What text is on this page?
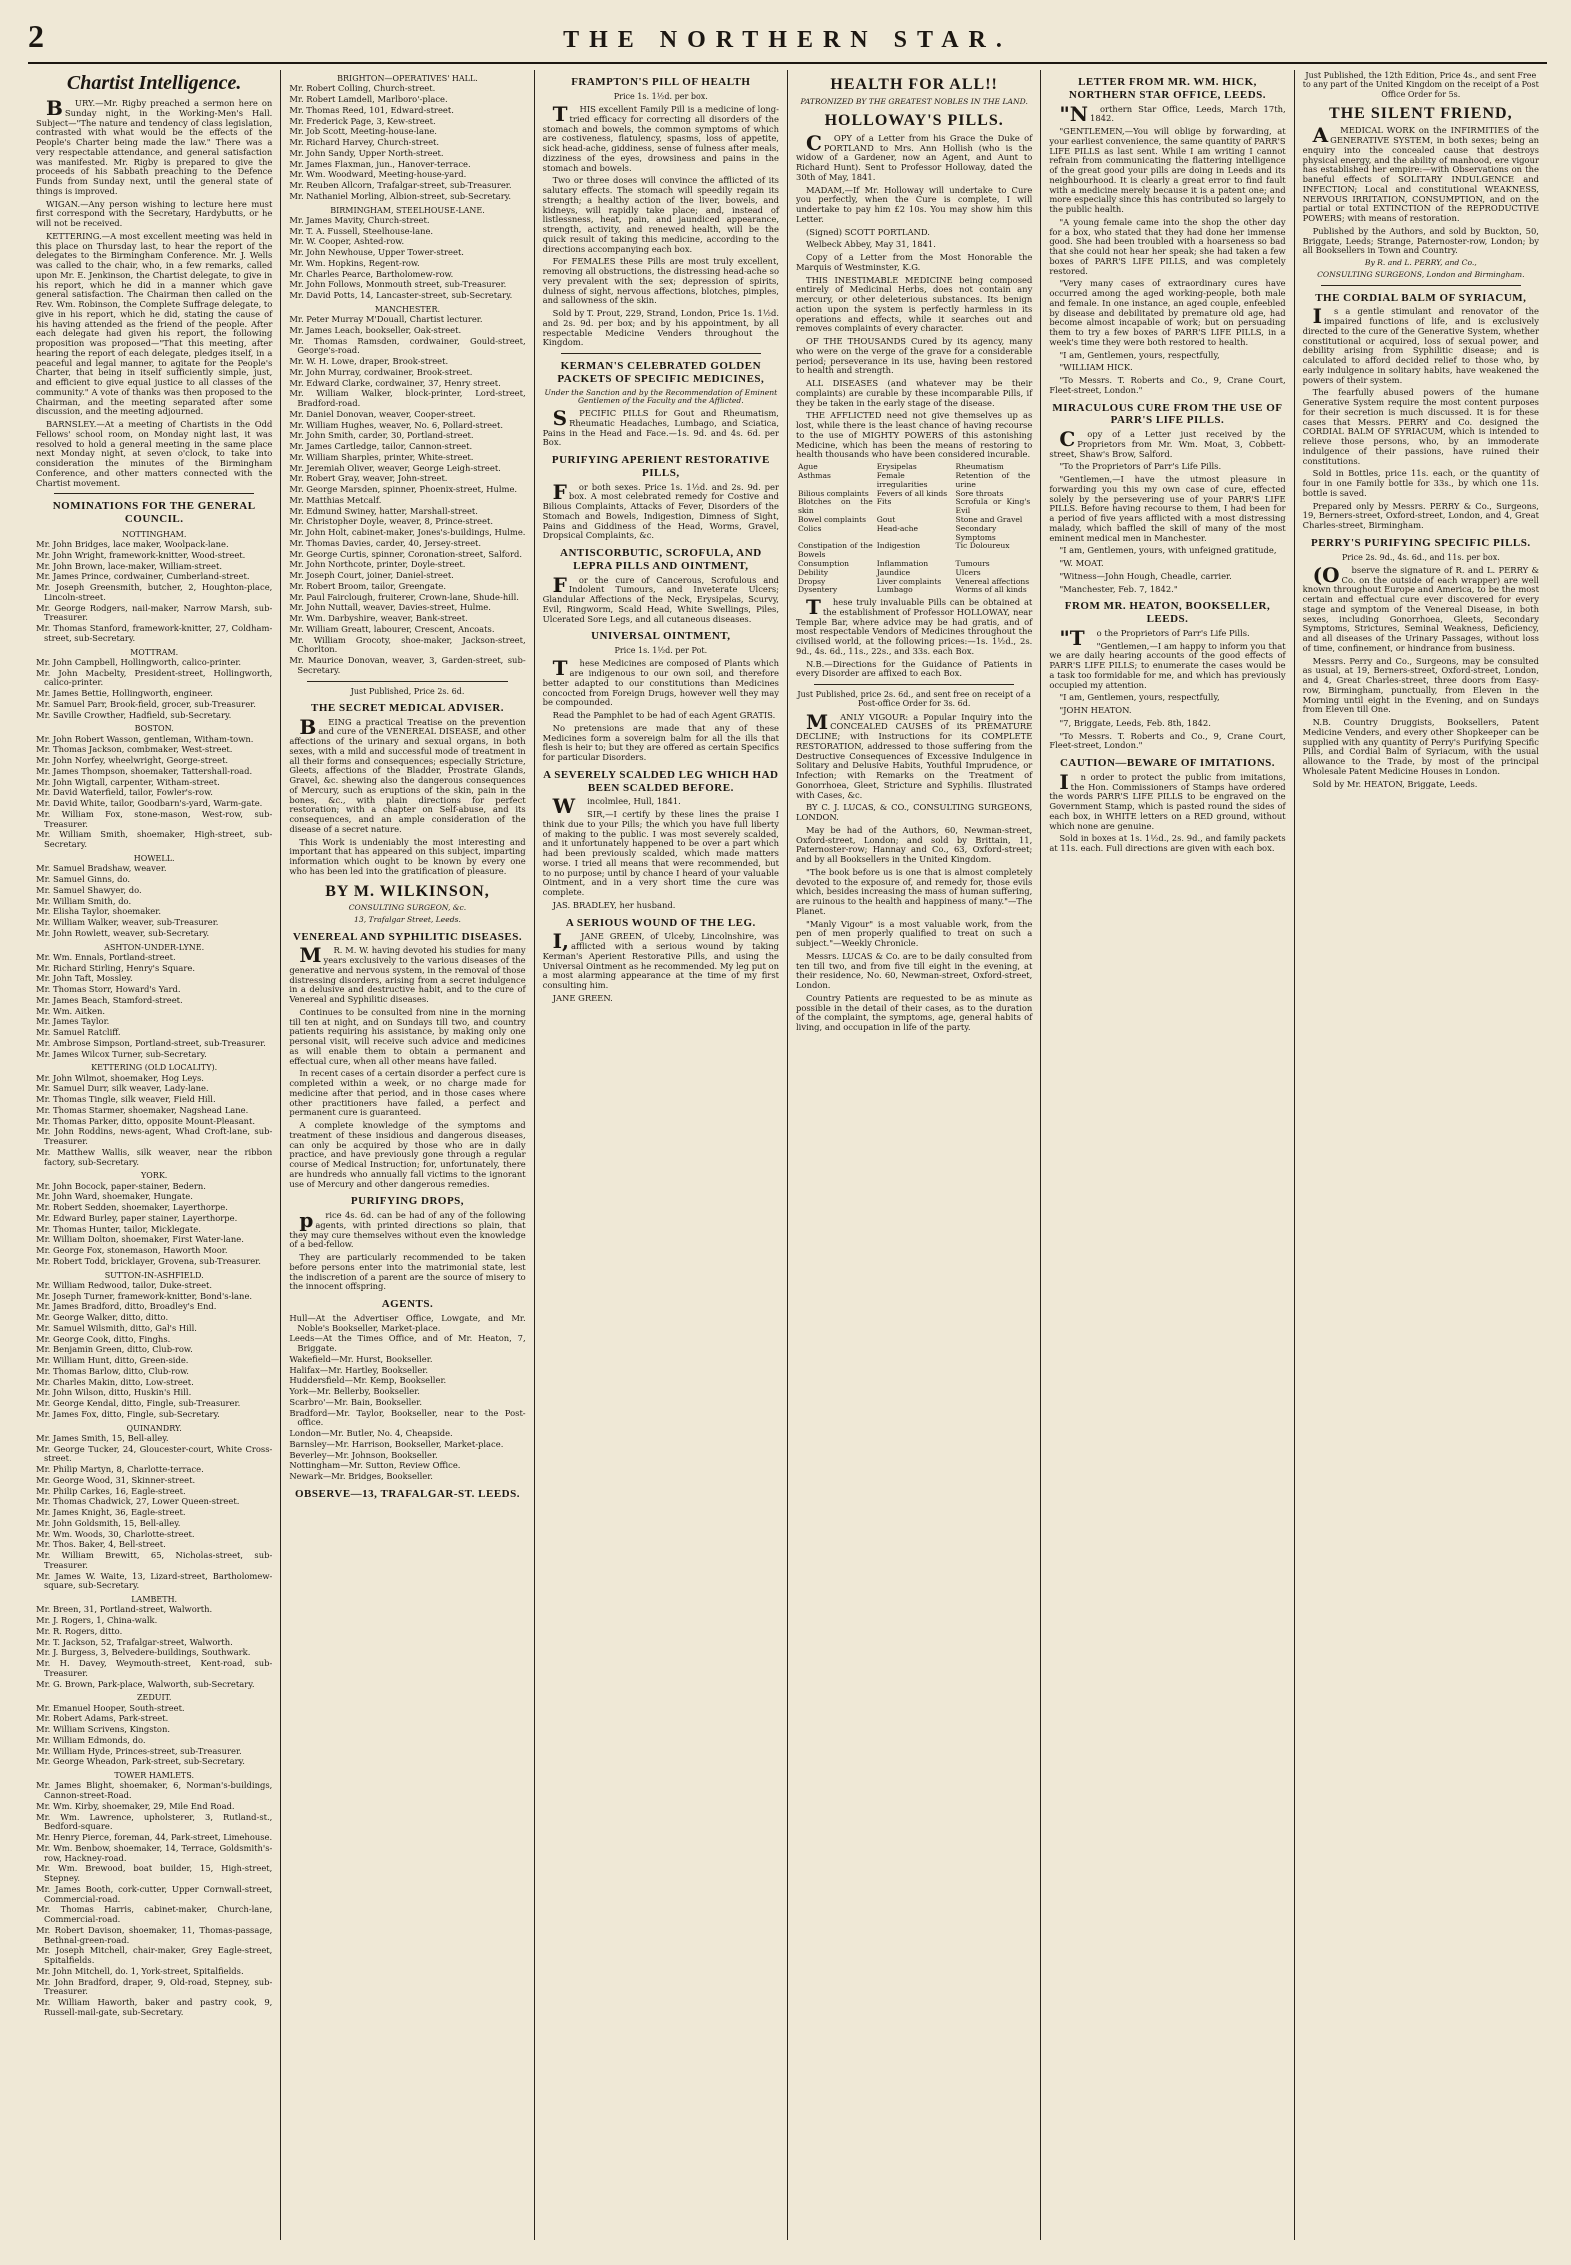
2	THE NORTHERN STAR.
Chartist Intelligence.

BURY.—Mr. Rigby preached a sermon here on Sunday night, in the Working-Men's Hall. Subject—"The nature and tendency of class legislation, contrasted with what would be the effects of the People's Charter being made the law." There was a very respectable attendance, and general satisfaction was manifested. Mr. Rigby is prepared to give the proceeds of his Sabbath preaching to the Defence Funds from Sunday next, until the general state of things is improved.

WIGAN.—Any person wishing to lecture here must first correspond with the Secretary, Hardybutts, or he will not be received.

KETTERING.—A most excellent meeting was held in this place on Thursday last, to hear the report of the delegates to the Birmingham Conference. Mr. J. Wells was called to the chair, who, in a few remarks, called upon Mr. E. Jenkinson, the Chartist delegate, to give in his report, which he did in a manner which gave general satisfaction. The Chairman then called on the Rev. Wm. Robinson, the Complete Suffrage delegate, to give in his report, which he did, stating the cause of his having attended as the friend of the people. After each delegate had given his report, the following proposition was proposed—"That this meeting, after hearing the report of each delegate, pledges itself, in a peaceful and legal manner, to agitate for the People's Charter, that being in itself sufficiently simple, just, and efficient to give equal justice to all classes of the community." A vote of thanks was then proposed to the Chairman, and the meeting separated after some discussion, and the meeting adjourned.

BARNSLEY.—At a meeting of Chartists in the Odd Fellows' school room, on Monday night last, it was resolved to hold a general meeting in the same place next Monday night, at seven o'clock, to take into consideration the minutes of the Birmingham Conference, and other matters connected with the Chartist movement.

NOMINATIONS FOR THE GENERAL COUNCIL.
NOTTINGHAM.

Mr. John Bridges, lace maker, Woolpack-lane.

Mr. John Wright, framework-knitter, Wood-street.

Mr. John Brown, lace-maker, William-street.

Mr. James Prince, cordwainer, Cumberland-street.

Mr. Joseph Greensmith, butcher, 2, Houghton-place, Lincoln-street.

Mr. George Rodgers, nail-maker, Narrow Marsh, sub-Treasurer.

Mr. Thomas Stanford, framework-knitter, 27, Coldham-street, sub-Secretary.

MOTTRAM.

Mr. John Campbell, Hollingworth, calico-printer.

Mr. John Macbelty, President-street, Hollingworth, calico-printer.

Mr. James Bettie, Hollingworth, engineer.

Mr. Samuel Parr, Brook-field, grocer, sub-Treasurer.

Mr. Saville Crowther, Hadfield, sub-Secretary.

BOSTON.

Mr. John Robert Wasson, gentleman, Witham-town.

Mr. Thomas Jackson, combmaker, West-street.

Mr. John Norfey, wheelwright, George-street.

Mr. James Thompson, shoemaker, Tattershall-road.

Mr. John Wigtall, carpenter, Witham-street.

Mr. David Waterfield, tailor, Fowler's-row.

Mr. David White, tailor, Goodbarn's-yard, Warm-gate.

Mr. William Fox, stone-mason, West-row, sub-Treasurer.

Mr. William Smith, shoemaker, High-street, sub-Secretary.

HOWELL.

Mr. Samuel Bradshaw, weaver.

Mr. Samuel Ginns, do.

Mr. Samuel Shawyer, do.

Mr. William Smith, do.

Mr. Elisha Taylor, shoemaker.

Mr. William Walker, weaver, sub-Treasurer.

Mr. John Rowlett, weaver, sub-Secretary.

ASHTON-UNDER-LYNE.

Mr. Wm. Ennals, Portland-street.

Mr. Richard Stirling, Henry's Square.

Mr. John Taft, Mossley.

Mr. Thomas Storr, Howard's Yard.

Mr. James Beach, Stamford-street.

Mr. Wm. Aitken.

Mr. James Taylor.

Mr. Samuel Ratcliff.

Mr. Ambrose Simpson, Portland-street, sub-Treasurer.

Mr. James Wilcox Turner, sub-Secretary.

KETTERING (OLD LOCALITY).

Mr. John Wilmot, shoemaker, Hog Leys.

Mr. Samuel Durr, silk weaver, Lady-lane.

Mr. Thomas Tingle, silk weaver, Field Hill.

Mr. Thomas Starmer, shoemaker, Nagshead Lane.

Mr. Thomas Parker, ditto, opposite Mount-Pleasant.

Mr. John Roddins, news-agent, Whad Croft-lane, sub-Treasurer.

Mr. Matthew Wallis, silk weaver, near the ribbon factory, sub-Secretary.

YORK.

Mr. John Bocock, paper-stainer, Bedern.

Mr. John Ward, shoemaker, Hungate.

Mr. Robert Sedden, shoemaker, Layerthorpe.

Mr. Edward Burley, paper stainer, Layerthorpe.

Mr. Thomas Hunter, tailor, Micklegate.

Mr. William Dolton, shoemaker, First Water-lane.

Mr. George Fox, stonemason, Haworth Moor.

Mr. Robert Todd, bricklayer, Grovena, sub-Treasurer.

SUTTON-IN-ASHFIELD.

Mr. William Redwood, tailor, Duke-street.

Mr. Joseph Turner, framework-knitter, Bond's-lane.

Mr. James Bradford, ditto, Broadley's End.

Mr. George Walker, ditto, ditto.

Mr. Samuel Wilsmith, ditto, Gal's Hill.

Mr. George Cook, ditto, Finghs.

Mr. Benjamin Green, ditto, Club-row.

Mr. William Hunt, ditto, Green-side.

Mr. Thomas Barlow, ditto, Club-row.

Mr. Charles Makin, ditto, Low-street.

Mr. John Wilson, ditto, Huskin's Hill.

Mr. George Kendal, ditto, Fingle, sub-Treasurer.

Mr. James Fox, ditto, Fingle, sub-Secretary.

QUINANDRY.

Mr. James Smith, 15, Bell-alley.

Mr. George Tucker, 24, Gloucester-court, White Cross-street.

Mr. Philip Martyn, 8, Charlotte-terrace.

Mr. George Wood, 31, Skinner-street.

Mr. Philip Carkes, 16, Eagle-street.

Mr. Thomas Chadwick, 27, Lower Queen-street.

Mr. James Knight, 36, Eagle-street.

Mr. John Goldsmith, 15, Bell-alley.

Mr. Wm. Woods, 30, Charlotte-street.

Mr. Thos. Baker, 4, Bell-street.

Mr. William Brewitt, 65, Nicholas-street, sub-Treasurer.

Mr. James W. Waite, 13, Lizard-street, Bartholomew-square, sub-Secretary.

LAMBETH.

Mr. Breen, 31, Portland-street, Walworth.

Mr. J. Rogers, 1, China-walk.

Mr. R. Rogers, ditto.

Mr. T. Jackson, 52, Trafalgar-street, Walworth.

Mr. J. Burgess, 3, Belvedere-buildings, Southwark.

Mr. H. Davey, Weymouth-street, Kent-road, sub-Treasurer.

Mr. G. Brown, Park-place, Walworth, sub-Secretary.

ZEDUIT.

Mr. Emanuel Hooper, South-street.

Mr. Robert Adams, Park-street.

Mr. William Scrivens, Kingston.

Mr. William Edmonds, do.

Mr. William Hyde, Princes-street, sub-Treasurer.

Mr. George Wheadon, Park-street, sub-Secretary.

TOWER HAMLETS.

Mr. James Blight, shoemaker, 6, Norman's-buildings, Cannon-street-Road.

Mr. Wm. Kirby, shoemaker, 29, Mile End Road.

Mr. Wm. Lawrence, upholsterer, 3, Rutland-st., Bedford-square.

Mr. Henry Pierce, foreman, 44, Park-street, Limehouse.

Mr. Wm. Benbow, shoemaker, 14, Terrace, Goldsmith's-row, Hackney-road.

Mr. Wm. Brewood, boat builder, 15, High-street, Stepney.

Mr. James Booth, cork-cutter, Upper Cornwall-street, Commercial-road.

Mr. Thomas Harris, cabinet-maker, Church-lane, Commercial-road.

Mr. Robert Davison, shoemaker, 11, Thomas-passage, Bethnal-green-road.

Mr. Joseph Mitchell, chair-maker, Grey Eagle-street, Spitalfields.

Mr. John Mitchell, do. 1, York-street, Spitalfields.

Mr. John Bradford, draper, 9, Old-road, Stepney, sub-Treasurer.

Mr. William Haworth, baker and pastry cook, 9, Russell-mail-gate, sub-Secretary.

BRIGHTON—OPERATIVES' HALL.

Mr. Robert Colling, Church-street.

Mr. Robert Lamdell, Marlboro'-place.

Mr. Thomas Reed, 101, Edward-street.

Mr. Frederick Page, 3, Kew-street.

Mr. Job Scott, Meeting-house-lane.

Mr. Richard Harvey, Church-street.

Mr. John Sandy, Upper North-street.

Mr. James Flaxman, jun., Hanover-terrace.

Mr. Wm. Woodward, Meeting-house-yard.

Mr. Reuben Allcorn, Trafalgar-street, sub-Treasurer.

Mr. Nathaniel Morling, Albion-street, sub-Secretary.

BIRMINGHAM, STEELHOUSE-LANE.

Mr. James Mavity, Church-street.

Mr. T. A. Fussell, Steelhouse-lane.

Mr. W. Cooper, Ashted-row.

Mr. John Newhouse, Upper Tower-street.

Mr. Wm. Hopkins, Regent-row.

Mr. Charles Pearce, Bartholomew-row.

Mr. John Follows, Monmouth street, sub-Treasurer.

Mr. David Potts, 14, Lancaster-street, sub-Secretary.

MANCHESTER.

Mr. Peter Murray M'Douall, Chartist lecturer.

Mr. James Leach, bookseller, Oak-street.

Mr. Thomas Ramsden, cordwainer, Gould-street, George's-road.

Mr. W. H. Lowe, draper, Brook-street.

Mr. John Murray, cordwainer, Brook-street.

Mr. Edward Clarke, cordwainer, 37, Henry street.

Mr. William Walker, block-printer, Lord-street, Bradford-road.

Mr. Daniel Donovan, weaver, Cooper-street.

Mr. William Hughes, weaver, No. 6, Pollard-street.

Mr. John Smith, carder, 30, Portland-street.

Mr. James Cartledge, tailor, Cannon-street.

Mr. William Sharples, printer, White-street.

Mr. Jeremiah Oliver, weaver, George Leigh-street.

Mr. Robert Gray, weaver, John-street.

Mr. George Marsden, spinner, Phoenix-street, Hulme.

Mr. Matthias Metcalf.

Mr. Edmund Swiney, hatter, Marshall-street.

Mr. Christopher Doyle, weaver, 8, Prince-street.

Mr. John Holt, cabinet-maker, Jones's-buildings, Hulme.

Mr. Thomas Davies, carder, 40, Jersey-street.

Mr. George Curtis, spinner, Coronation-street, Salford.

Mr. John Northcote, printer, Doyle-street.

Mr. Joseph Court, joiner, Daniel-street.

Mr. Robert Broom, tailor, Greengate.

Mr. Paul Fairclough, fruiterer, Crown-lane, Shude-hill.

Mr. John Nuttall, weaver, Davies-street, Hulme.

Mr. Wm. Darbyshire, weaver, Bank-street.

Mr. William Greatt, labourer, Crescent, Ancoats.

Mr. William Grocoty, shoe-maker, Jackson-street, Chorlton.

Mr. Maurice Donovan, weaver, 3, Garden-street, sub-Secretary.

Just Published, Price 2s. 6d.
THE SECRET MEDICAL ADVISER.

BEING a practical Treatise on the prevention and cure of the VENEREAL DISEASE, and other affections of the urinary and sexual organs, in both sexes, with a mild and successful mode of treatment in all their forms and consequences; especially Stricture, Gleets, affections of the Bladder, Prostrate Glands, Gravel, &c. shewing also the dangerous consequences of Mercury, such as eruptions of the skin, pain in the bones, &c., with plain directions for perfect restoration; with a chapter on Self-abuse, and its consequences, and an ample consideration of the disease of a secret nature.

This Work is undeniably the most interesting and important that has appeared on this subject, imparting information which ought to be known by every one who has been led into the gratification of pleasure.

BY M. WILKINSON,
CONSULTING SURGEON, &c.
13, Trafalgar Street, Leeds.
VENEREAL AND SYPHILITIC DISEASES.

MR. M. W. having devoted his studies for many years exclusively to the various diseases of the generative and nervous system, in the removal of those distressing disorders, arising from a secret indulgence in a delusive and destructive habit, and to the cure of Venereal and Syphilitic diseases.

Continues to be consulted from nine in the morning till ten at night, and on Sundays till two, and country patients requiring his assistance, by making only one personal visit, will receive such advice and medicines as will enable them to obtain a permanent and effectual cure, when all other means have failed.

In recent cases of a certain disorder a perfect cure is completed within a week, or no charge made for medicine after that period, and in those cases where other practitioners have failed, a perfect and permanent cure is guaranteed.

A complete knowledge of the symptoms and treatment of these insidious and dangerous diseases, can only be acquired by those who are in daily practice, and have previously gone through a regular course of Medical Instruction; for, unfortunately, there are hundreds who annually fall victims to the ignorant use of Mercury and other dangerous remedies.

PURIFYING DROPS,

price 4s. 6d. can be had of any of the following agents, with printed directions so plain, that they may cure themselves without even the knowledge of a bed-fellow.

They are particularly recommended to be taken before persons enter into the matrimonial state, lest the indiscretion of a parent are the source of misery to the innocent offspring.

AGENTS.

Hull—At the Advertiser Office, Lowgate, and Mr. Noble's Bookseller, Market-place.

Leeds—At the Times Office, and of Mr. Heaton, 7, Briggate.

Wakefield—Mr. Hurst, Bookseller.

Halifax—Mr. Hartley, Bookseller.

Huddersfield—Mr. Kemp, Bookseller.

York—Mr. Bellerby, Bookseller.

Scarbro'—Mr. Bain, Bookseller.

Bradford—Mr. Taylor, Bookseller, near to the Post-office.

London—Mr. Butler, No. 4, Cheapside.

Barnsley—Mr. Harrison, Bookseller, Market-place.

Beverley—Mr. Johnson, Bookseller.

Nottingham—Mr. Sutton, Review Office.

Newark—Mr. Bridges, Bookseller.

OBSERVE—13, TRAFALGAR-ST. LEEDS.
FRAMPTON'S PILL OF HEALTH
Price 1s. 1½d. per box.

THIS excellent Family Pill is a medicine of long-tried efficacy for correcting all disorders of the stomach and bowels, the common symptoms of which are costiveness, flatulency, spasms, loss of appetite, sick head-ache, giddiness, sense of fulness after meals, dizziness of the eyes, drowsiness and pains in the stomach and bowels.

Two or three doses will convince the afflicted of its salutary effects. The stomach will speedily regain its strength; a healthy action of the liver, bowels, and kidneys, will rapidly take place; and, instead of listlessness, heat, pain, and jaundiced appearance, strength, activity, and renewed health, will be the quick result of taking this medicine, according to the directions accompanying each box.

For FEMALES these Pills are most truly excellent, removing all obstructions, the distressing head-ache so very prevalent with the sex; depression of spirits, dulness of sight, nervous affections, blotches, pimples, and sallowness of the skin.

Sold by T. Prout, 229, Strand, London, Price 1s. 1½d. and 2s. 9d. per box; and by his appointment, by all respectable Medicine Venders throughout the Kingdom.

KERMAN'S CELEBRATED GOLDEN PACKETS OF SPECIFIC MEDICINES,
Under the Sanction and by the Recommendation of Eminent Gentlemen of the Faculty and the Afflicted.

SPECIFIC PILLS for Gout and Rheumatism, Rheumatic Headaches, Lumbago, and Sciatica, Pains in the Head and Face.—1s. 9d. and 4s. 6d. per Box.

PURIFYING APERIENT RESTORATIVE PILLS,

For both sexes. Price 1s. 1½d. and 2s. 9d. per box. A most celebrated remedy for Costive and Bilious Complaints, Attacks of Fever, Disorders of the Stomach and Bowels, Indigestion, Dimness of Sight, Pains and Giddiness of the Head, Worms, Gravel, Dropsical Complaints, &c.

ANTISCORBUTIC, SCROFULA, AND LEPRA PILLS AND OINTMENT,

For the cure of Cancerous, Scrofulous and Indolent Tumours, and Inveterate Ulcers; Glandular Affections of the Neck, Erysipelas, Scurvy, Evil, Ringworm, Scald Head, White Swellings, Piles, Ulcerated Sore Legs, and all cutaneous diseases.

UNIVERSAL OINTMENT,
Price 1s. 1½d. per Pot.

These Medicines are composed of Plants which are indigenous to our own soil, and therefore better adapted to our constitutions than Medicines concocted from Foreign Drugs, however well they may be compounded.

Read the Pamphlet to be had of each Agent GRATIS.

No pretensions are made that any of these Medicines form a sovereign balm for all the ills that flesh is heir to; but they are offered as certain Specifics for particular Disorders.

A SEVERELY SCALDED LEG WHICH HAD BEEN SCALDED BEFORE.

Wincolmlee, Hull, 1841.

SIR,—I certify by these lines the praise I think due to your Pills; the which you have full liberty of making to the public. I was most severely scalded, and it unfortunately happened to be over a part which had been previously scalded, which made matters worse. I tried all means that were recommended, but to no purpose; until by chance I heard of your valuable Ointment, and in a very short time the cure was complete.

JAS. BRADLEY, her husband.

A SERIOUS WOUND OF THE LEG.

I,JANE GREEN, of Ulceby, Lincolnshire, was afflicted with a serious wound by taking Kerman's Aperient Restorative Pills, and using the Universal Ointment as he recommended. My leg put on a most alarming appearance at the time of my first consulting him.

JANE GREEN.

HEALTH FOR ALL!!
PATRONIZED BY THE GREATEST NOBLES IN THE LAND.
HOLLOWAY'S PILLS.

COPY of a Letter from his Grace the Duke of PORTLAND to Mrs. Ann Hollish (who is the widow of a Gardener, now an Agent, and Aunt to Richard Hunt). Sent to Professor Holloway, dated the 30th of May, 1841.

MADAM,—If Mr. Holloway will undertake to Cure you perfectly, when the Cure is complete, I will undertake to pay him £2 10s. You may show him this Letter.

(Signed) SCOTT PORTLAND.

Welbeck Abbey, May 31, 1841.

Copy of a Letter from the Most Honorable the Marquis of Westminster, K.G.

THIS INESTIMABLE MEDICINE being composed entirely of Medicinal Herbs, does not contain any mercury, or other deleterious substances. Its benign action upon the system is perfectly harmless in its operations and effects, while it searches out and removes complaints of every character.

OF THE THOUSANDS Cured by its agency, many who were on the verge of the grave for a considerable period; perseverance in its use, having been restored to health and strength.

ALL DISEASES (and whatever may be their complaints) are curable by these incomparable Pills, if they be taken in the early stage of the disease.

THE AFFLICTED need not give themselves up as lost, while there is the least chance of having recourse to the use of MIGHTY POWERS of this astonishing Medicine, which has been the means of restoring to health thousands who have been considered incurable.

Ague	Erysipelas	Rheumatism
Asthmas	Female irregularities
Retention of the urine
Bilious complaints	Fevers of all kinds	Sore throats
Blotches on the skin
Fits	Scrofula or King's Evil
Bowel complaints	Gout	Stone and Gravel
Colics	Head-ache	Secondary Symptoms
Constipation of the Bowels
Indigestion	Tic Doloureux
Consumption	Inflammation	Tumours
Debility	Jaundice	Ulcers
Dropsy	Liver complaints	Venereal affections
Dysentery	Lumbago	Worms of all kinds

These truly invaluable Pills can be obtained at the establishment of Professor HOLLOWAY, near Temple Bar, where advice may be had gratis, and of most respectable Vendors of Medicines throughout the civilised world, at the following prices:—1s. 1½d., 2s. 9d., 4s. 6d., 11s., 22s., and 33s. each Box.

N.B.—Directions for the Guidance of Patients in every Disorder are affixed to each Box.

Just Published, price 2s. 6d., and sent free on receipt of a Post-office Order for 3s. 6d.

MANLY VIGOUR: a Popular Inquiry into the CONCEALED CAUSES of its PREMATURE DECLINE; with Instructions for its COMPLETE RESTORATION, addressed to those suffering from the Destructive Consequences of Excessive Indulgence in Solitary and Delusive Habits, Youthful Imprudence, or Infection; with Remarks on the Treatment of Gonorrhoea, Gleet, Stricture and Syphilis. Illustrated with Cases, &c.

BY C. J. LUCAS, & CO., CONSULTING SURGEONS, LONDON.

May be had of the Authors, 60, Newman-street, Oxford-street, London; and sold by Brittain, 11, Paternoster-row; Hannay and Co., 63, Oxford-street; and by all Booksellers in the United Kingdom.

"The book before us is one that is almost completely devoted to the exposure of, and remedy for, those evils which, besides increasing the mass of human suffering, are ruinous to the health and happiness of many."—The Planet.

"Manly Vigour" is a most valuable work, from the pen of men properly qualified to treat on such a subject."—Weekly Chronicle.

Messrs. LUCAS & Co. are to be daily consulted from ten till two, and from five till eight in the evening, at their residence, No. 60, Newman-street, Oxford-street, London.

Country Patients are requested to be as minute as possible in the detail of their cases, as to the duration of the complaint, the symptoms, age, general habits of living, and occupation in life of the party.

LETTER FROM MR. WM. HICK, NORTHERN STAR OFFICE, LEEDS.

"Northern Star Office, Leeds, March 17th, 1842.

"GENTLEMEN,—You will oblige by forwarding, at your earliest convenience, the same quantity of PARR'S LIFE PILLS as last sent. While I am writing I cannot refrain from communicating the flattering intelligence of the great good your pills are doing in Leeds and its neighbourhood. It is clearly a great error to find fault with a medicine merely because it is a patent one; and more especially since this has contributed so largely to the public health.

"A young female came into the shop the other day for a box, who stated that they had done her immense good. She had been troubled with a hoarseness so bad that she could not hear her speak; she had taken a few boxes of PARR'S LIFE PILLS, and was completely restored.

"Very many cases of extraordinary cures have occurred among the aged working-people, both male and female. In one instance, an aged couple, enfeebled by disease and debilitated by premature old age, had become almost incapable of work; but on persuading them to try a few boxes of PARR'S LIFE PILLS, in a week's time they were both restored to health.

"I am, Gentlemen, yours, respectfully,

"WILLIAM HICK.

"To Messrs. T. Roberts and Co., 9, Crane Court, Fleet-street, London."

MIRACULOUS CURE FROM THE USE OF PARR'S LIFE PILLS.

Copy of a Letter just received by the Proprietors from Mr. Wm. Moat, 3, Cobbett-street, Shaw's Brow, Salford.

"To the Proprietors of Parr's Life Pills.

"Gentlemen,—I have the utmost pleasure in forwarding you this my own case of cure, effected solely by the persevering use of your PARR'S LIFE PILLS. Before having recourse to them, I had been for a period of five years afflicted with a most distressing malady, which baffled the skill of many of the most eminent medical men in Manchester.

"I am, Gentlemen, yours, with unfeigned gratitude,

"W. MOAT.

"Witness—John Hough, Cheadle, carrier.

"Manchester, Feb. 7, 1842."

FROM MR. HEATON, BOOKSELLER, LEEDS.

"To the Proprietors of Parr's Life Pills.

"Gentlemen,—I am happy to inform you that we are daily hearing accounts of the good effects of PARR'S LIFE PILLS; to enumerate the cases would be a task too formidable for me, and which has previously occupied my attention.

"I am, Gentlemen, yours, respectfully,

"JOHN HEATON.

"7, Briggate, Leeds, Feb. 8th, 1842.

"To Messrs. T. Roberts and Co., 9, Crane Court, Fleet-street, London."

CAUTION—BEWARE OF IMITATIONS.

In order to protect the public from imitations, the Hon. Commissioners of Stamps have ordered the words PARR'S LIFE PILLS to be engraved on the Government Stamp, which is pasted round the sides of each box, in WHITE letters on a RED ground, without which none are genuine.

Sold in boxes at 1s. 1½d., 2s. 9d., and family packets at 11s. each. Full directions are given with each box.

Just Published, the 12th Edition, Price 4s., and sent Free to any part of the United Kingdom on the receipt of a Post Office Order for 5s.
THE SILENT FRIEND,

AMEDICAL WORK on the INFIRMITIES of the GENERATIVE SYSTEM, in both sexes; being an enquiry into the concealed cause that destroys physical energy, and the ability of manhood, ere vigour has established her empire:—with Observations on the baneful effects of SOLITARY INDULGENCE and INFECTION; Local and constitutional WEAKNESS, NERVOUS IRRITATION, CONSUMPTION, and on the partial or total EXTINCTION of the REPRODUCTIVE POWERS; with means of restoration.

Published by the Authors, and sold by Buckton, 50, Briggate, Leeds; Strange, Paternoster-row, London; by all Booksellers in Town and Country.

By R. and L. PERRY, and Co.,
CONSULTING SURGEONS, London and Birmingham.
THE CORDIAL BALM OF SYRIACUM,

Is a gentle stimulant and renovator of the impaired functions of life, and is exclusively directed to the cure of the Generative System, whether constitutional or acquired, loss of sexual power, and debility arising from Syphilitic disease; and is calculated to afford decided relief to those who, by early indulgence in solitary habits, have weakened the powers of their system.

The fearfully abused powers of the humane Generative System require the most content purposes for their secretion is much discussed. It is for these cases that Messrs. PERRY and Co. designed the CORDIAL BALM OF SYRIACUM, which is intended to relieve those persons, who, by an immoderate indulgence of their passions, have ruined their constitutions.

Sold in Bottles, price 11s. each, or the quantity of four in one Family bottle for 33s., by which one 11s. bottle is saved.

Prepared only by Messrs. PERRY & Co., Surgeons, 19, Berners-street, Oxford-street, London, and 4, Great Charles-street, Birmingham.

PERRY'S PURIFYING SPECIFIC PILLS.
Price 2s. 9d., 4s. 6d., and 11s. per box.

(Observe the signature of R. and L. PERRY & Co. on the outside of each wrapper) are well known throughout Europe and America, to be the most certain and effectual cure ever discovered for every stage and symptom of the Venereal Disease, in both sexes, including Gonorrhoea, Gleets, Secondary Symptoms, Strictures, Seminal Weakness, Deficiency, and all diseases of the Urinary Passages, without loss of time, confinement, or hindrance from business.

Messrs. Perry and Co., Surgeons, may be consulted as usual, at 19, Berners-street, Oxford-street, London, and 4, Great Charles-street, three doors from Easy-row, Birmingham, punctually, from Eleven in the Morning until eight in the Evening, and on Sundays from Eleven till One.

N.B. Country Druggists, Booksellers, Patent Medicine Venders, and every other Shopkeeper can be supplied with any quantity of Perry's Purifying Specific Pills, and Cordial Balm of Syriacum, with the usual allowance to the Trade, by most of the principal Wholesale Patent Medicine Houses in London.

Sold by Mr. HEATON, Briggate, Leeds.
